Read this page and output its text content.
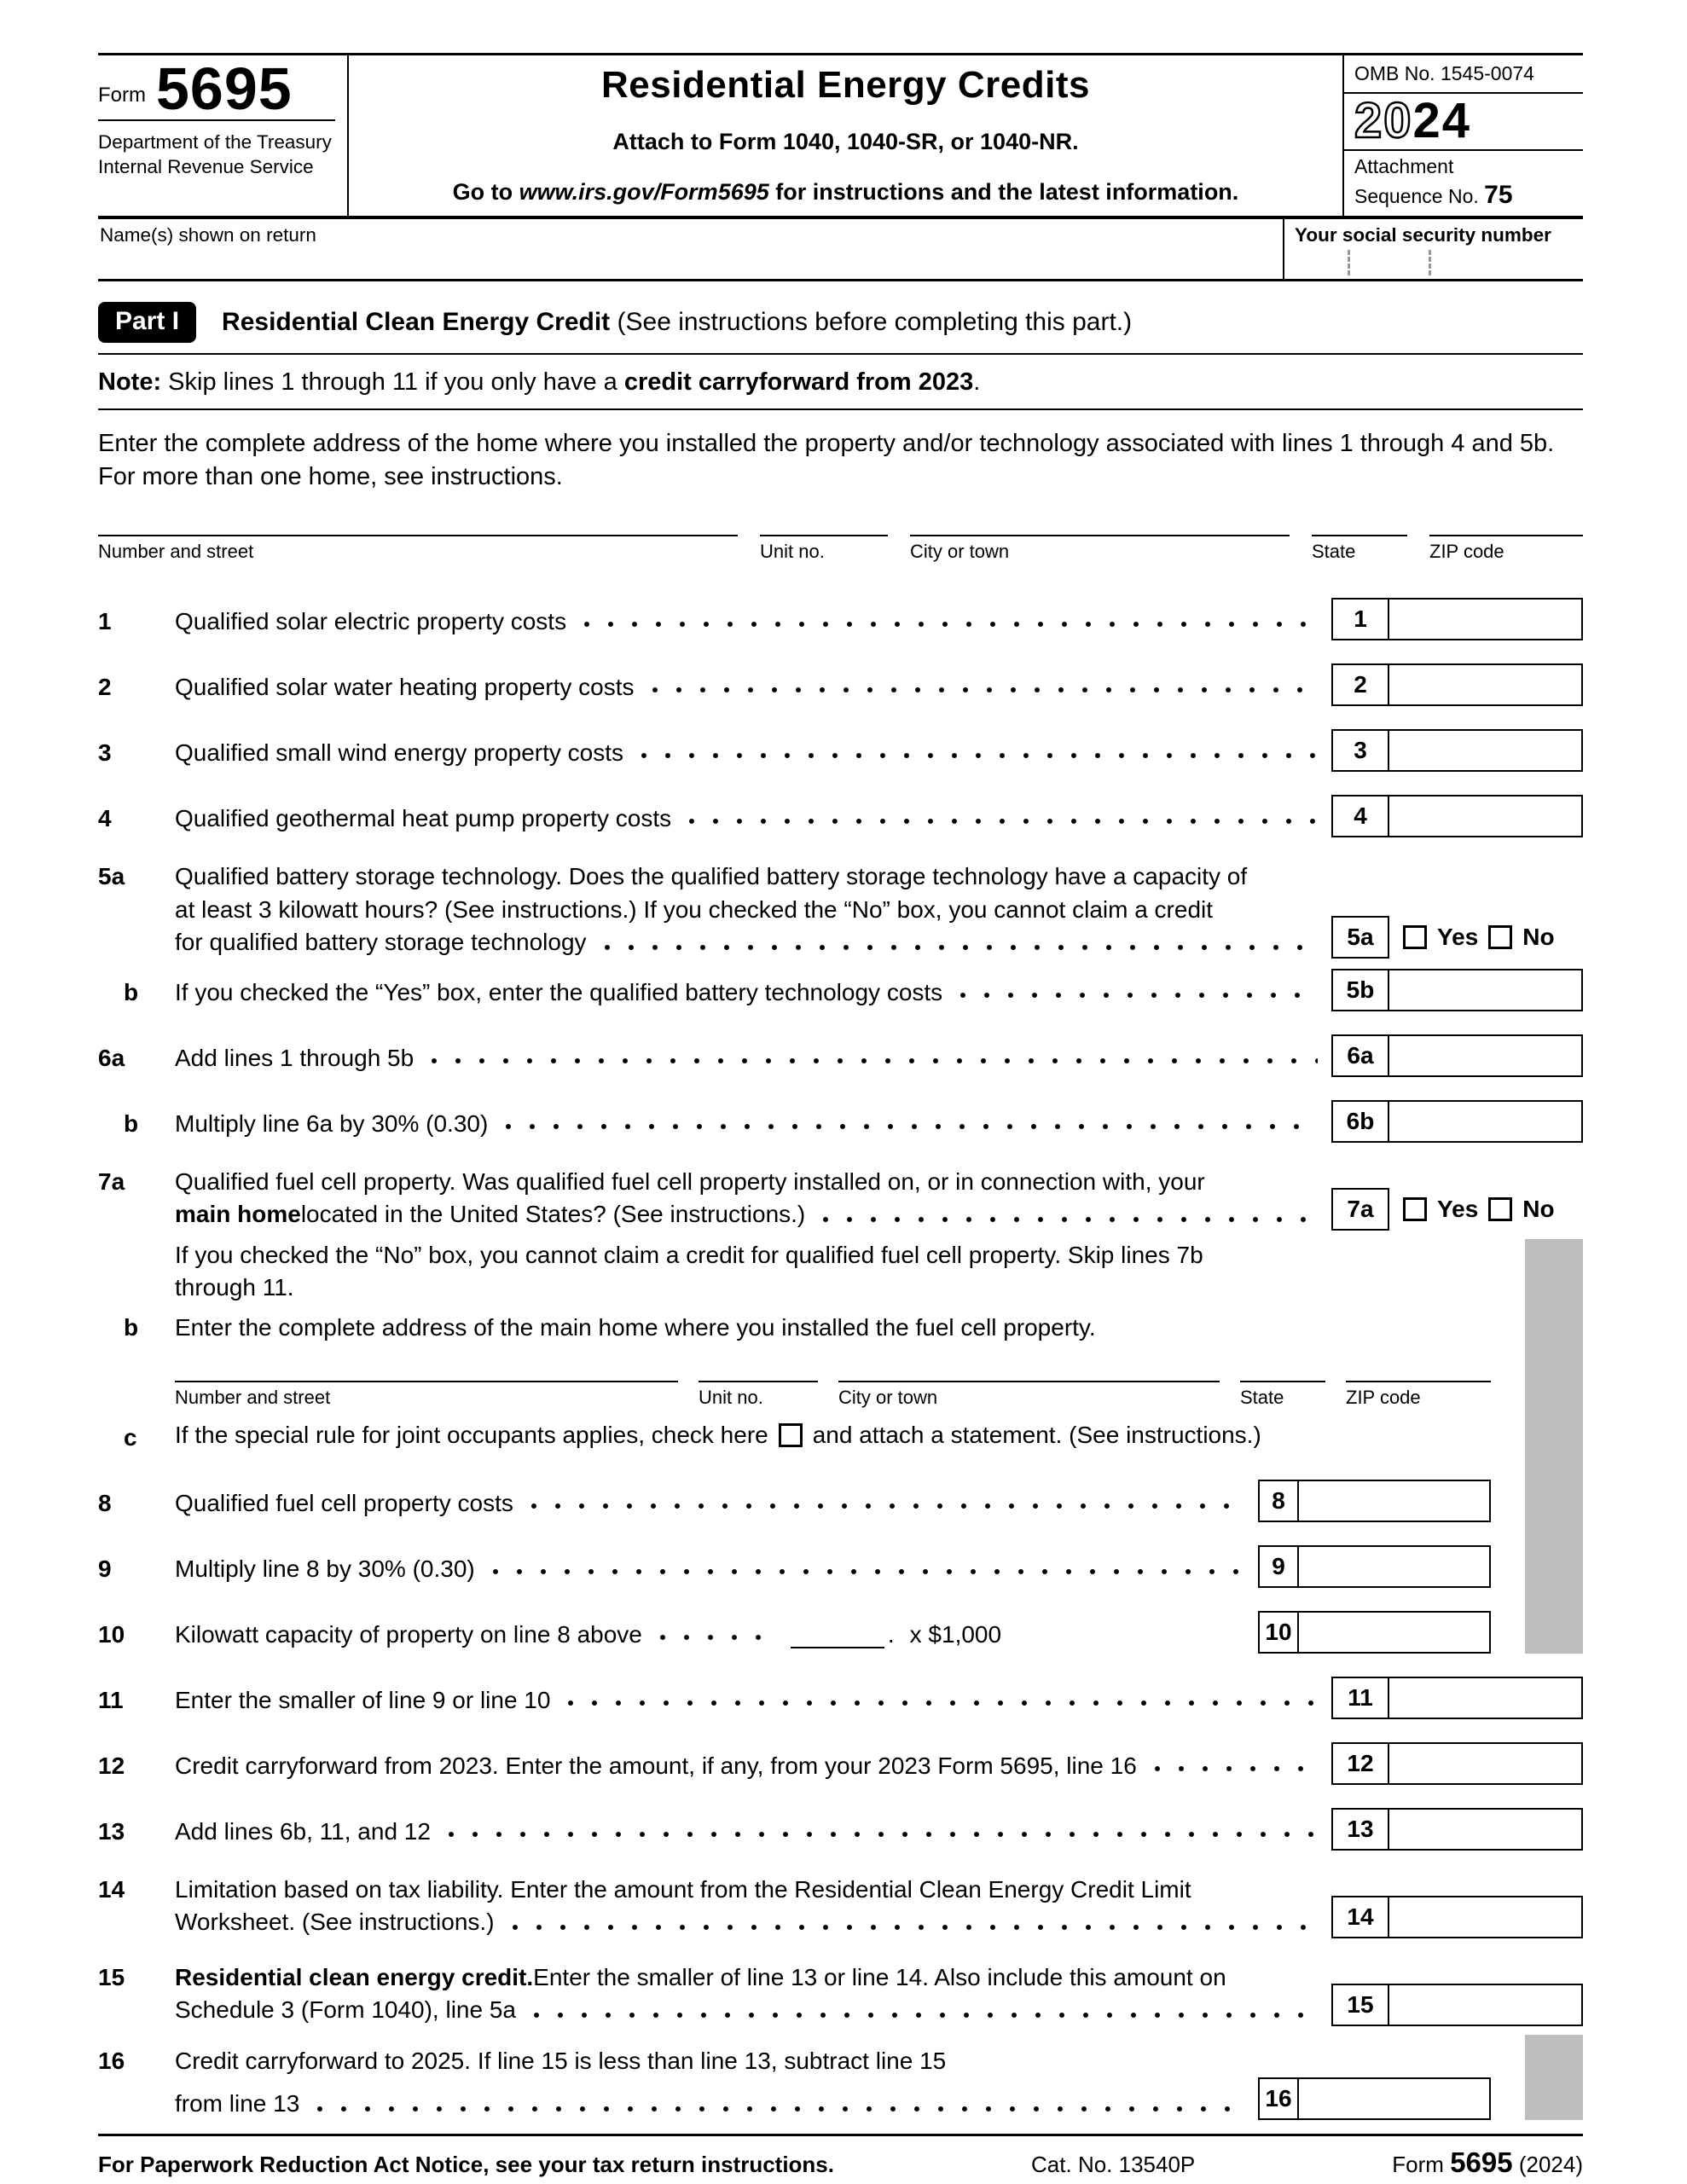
Form 5695
Department of the Treasury
Internal Revenue Service
Residential Energy Credits
Attach to Form 1040, 1040-SR, or 1040-NR.
Go to www.irs.gov/Form5695 for instructions and the latest information.
OMB No. 1545-0074
2024
Attachment
Sequence No. 75
Name(s) shown on return	Your social security number
Part I	Residential Clean Energy Credit (See instructions before completing this part.)
Note: Skip lines 1 through 11 if you only have a credit carryforward from 2023.
Enter the complete address of the home where you installed the property and/or technology associated with lines 1 through 4 and 5b.
For more than one home, see instructions.
Number and street	Unit no.	City or town	State	ZIP code
1	Qualified solar electric property costs	1
2	Qualified solar water heating property costs	2
3	Qualified small wind energy property costs	3
4	Qualified geothermal heat pump property costs	4
5a	Qualified battery storage technology. Does the qualified battery storage technology have a capacity of
at least 3 kilowatt hours? (See instructions.) If you checked the “No” box, you cannot claim a credit
for qualified battery storage technology	5a	Yes No
b	If you checked the “Yes” box, enter the qualified battery technology costs	5b
6a	Add lines 1 through 5b	6a
b	Multiply line 6a by 30% (0.30)	6b
7a	Qualified fuel cell property. Was qualified fuel cell property installed on, or in connection with, your
main home located in the United States? (See instructions.)	7a	Yes No
If you checked the “No” box, you cannot claim a credit for qualified fuel cell property. Skip lines 7b
through 11.
b	Enter the complete address of the main home where you installed the fuel cell property.
Number and street	Unit no.	City or town	State	ZIP code
c	If the special rule for joint occupants applies, check here and attach a statement. (See instructions.)
8	Qualified fuel cell property costs	8
9	Multiply line 8 by 30% (0.30)	9
10	Kilowatt capacity of property on line 8 above	. x $1,000	10
11	Enter the smaller of line 9 or line 10	11
12	Credit carryforward from 2023. Enter the amount, if any, from your 2023 Form 5695, line 16	12
13	Add lines 6b, 11, and 12	13
14	Limitation based on tax liability. Enter the amount from the Residential Clean Energy Credit Limit
Worksheet. (See instructions.)	14
15	Residential clean energy credit. Enter the smaller of line 13 or line 14. Also include this amount on
Schedule 3 (Form 1040), line 5a	15
16	Credit carryforward to 2025. If line 15 is less than line 13, subtract line 15
from line 13	16
For Paperwork Reduction Act Notice, see your tax return instructions.	Cat. No. 13540P	Form 5695 (2024)
